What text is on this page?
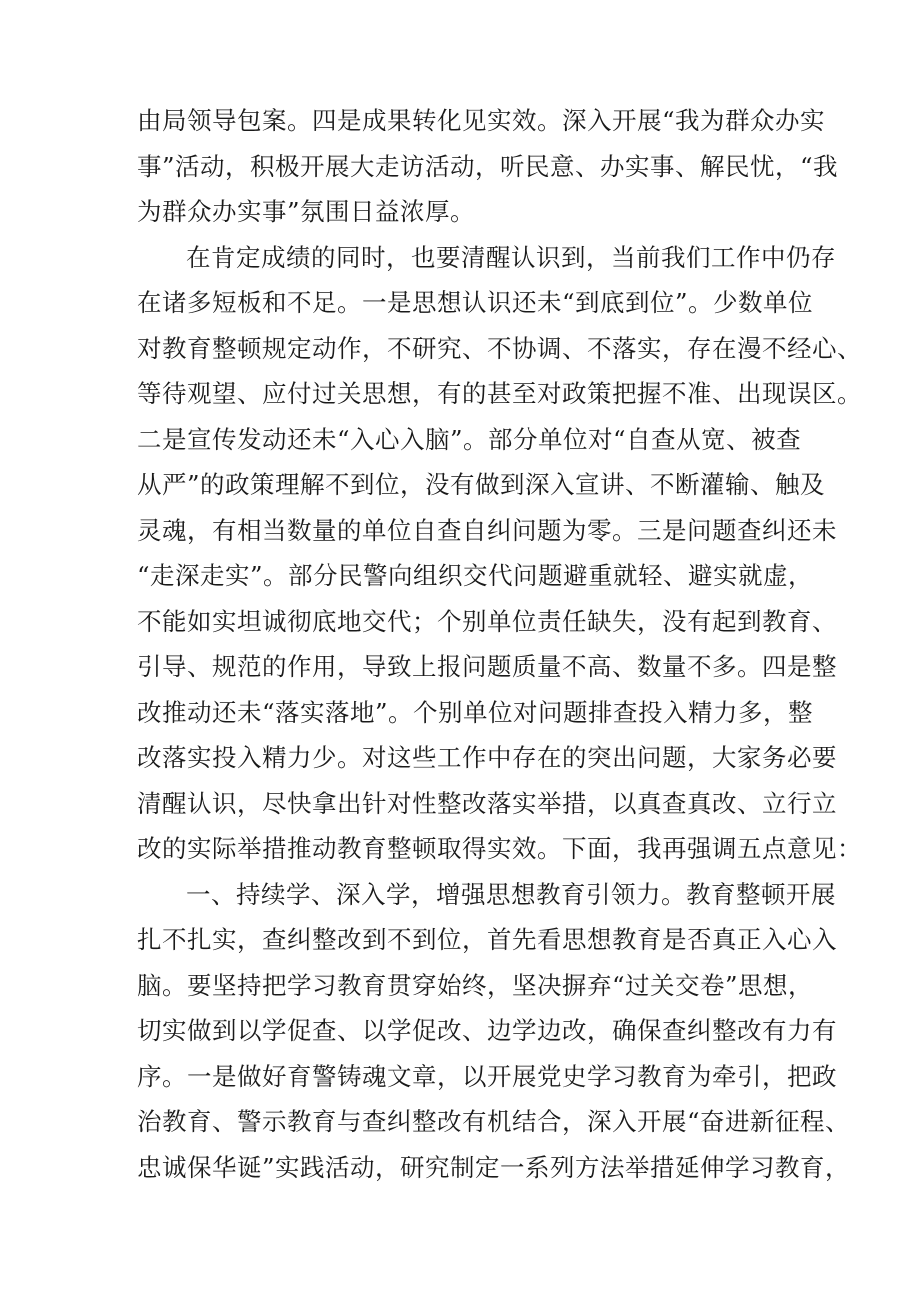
由局领导包案。四是成果转化见实效。深入开展“我为群众办实
事”活动，积极开展大走访活动，听民意、办实事、解民忧，“我
为群众办实事”氛围日益浓厚。
在肯定成绩的同时，也要清醒认识到，当前我们工作中仍存
在诸多短板和不足。一是思想认识还未“到底到位”。少数单位
对教育整顿规定动作，不研究、不协调、不落实，存在漫不经心、
等待观望、应付过关思想，有的甚至对政策把握不准、出现误区。
二是宣传发动还未“入心入脑”。部分单位对“自查从宽、被查
从严”的政策理解不到位，没有做到深入宣讲、不断灌输、触及
灵魂，有相当数量的单位自查自纠问题为零。三是问题查纠还未
“走深走实”。部分民警向组织交代问题避重就轻、避实就虚，
不能如实坦诚彻底地交代；个别单位责任缺失，没有起到教育、
引导、规范的作用，导致上报问题质量不高、数量不多。四是整
改推动还未“落实落地”。个别单位对问题排查投入精力多，整
改落实投入精力少。对这些工作中存在的突出问题，大家务必要
清醒认识，尽快拿出针对性整改落实举措，以真查真改、立行立
改的实际举措推动教育整顿取得实效。下面，我再强调五点意见：
一、持续学、深入学，增强思想教育引领力。教育整顿开展
扎不扎实，查纠整改到不到位，首先看思想教育是否真正入心入
脑。要坚持把学习教育贯穿始终，坚决摒弃“过关交卷”思想，
切实做到以学促查、以学促改、边学边改，确保查纠整改有力有
序。一是做好育警铸魂文章，以开展党史学习教育为牵引，把政
治教育、警示教育与查纠整改有机结合，深入开展“奋进新征程、
忠诚保华诞”实践活动，研究制定一系列方法举措延伸学习教育，
